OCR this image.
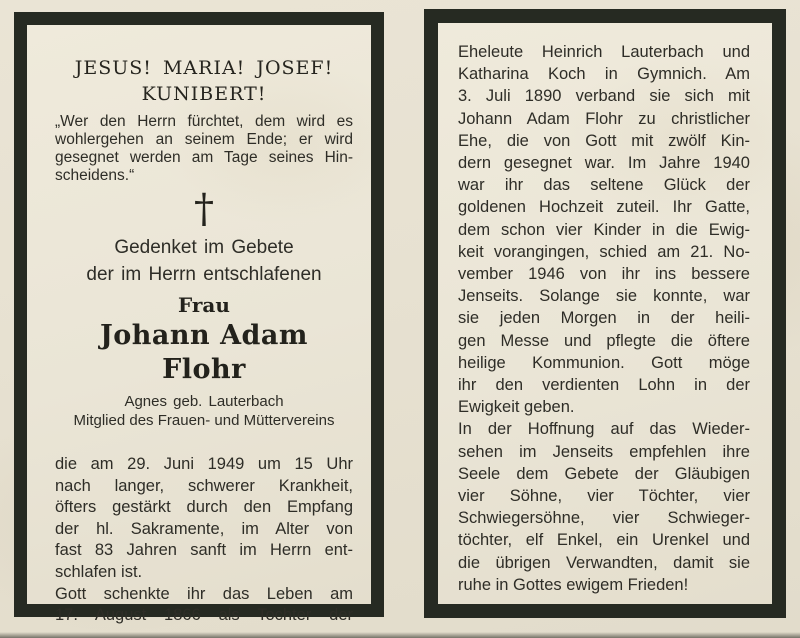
JESUS! MARIA! JOSEF!
KUNIBERT!
„Wer den Herrn fürchtet, dem wird es
wohlergehen an seinem Ende; er wird
gesegnet werden am Tage seines Hin-
scheidens.“
†
Gedenket im Gebete
der im Herrn entschlafenen
Frau
Johann Adam Flohr
Agnes geb. Lauterbach
Mitglied des Frauen- und Müttervereins
die am 29. Juni 1949 um 15 Uhr
nach langer, schwerer Krankheit,
öfters gestärkt durch den Empfang
der hl. Sakramente, im Alter von
fast 83 Jahren sanft im Herrn ent-
schlafen ist.
Gott schenkte ihr das Leben am
17. August 1866 als Tochter der
Eheleute Heinrich Lauterbach und
Katharina Koch in Gymnich. Am
3. Juli 1890 verband sie sich mit
Johann Adam Flohr zu christlicher
Ehe, die von Gott mit zwölf Kin-
dern gesegnet war. Im Jahre 1940
war ihr das seltene Glück der
goldenen Hochzeit zuteil. Ihr Gatte,
dem schon vier Kinder in die Ewig-
keit vorangingen, schied am 21. No-
vember 1946 von ihr ins bessere
Jenseits. Solange sie konnte, war
sie jeden Morgen in der heili-
gen Messe und pflegte die öftere
heilige Kommunion. Gott möge
ihr den verdienten Lohn in der
Ewigkeit geben.
In der Hoffnung auf das Wieder-
sehen im Jenseits empfehlen ihre
Seele dem Gebete der Gläubigen
vier Söhne, vier Töchter, vier
Schwiegersöhne, vier Schwieger-
töchter, elf Enkel, ein Urenkel und
die übrigen Verwandten, damit sie
ruhe in Gottes ewigem Frieden!
